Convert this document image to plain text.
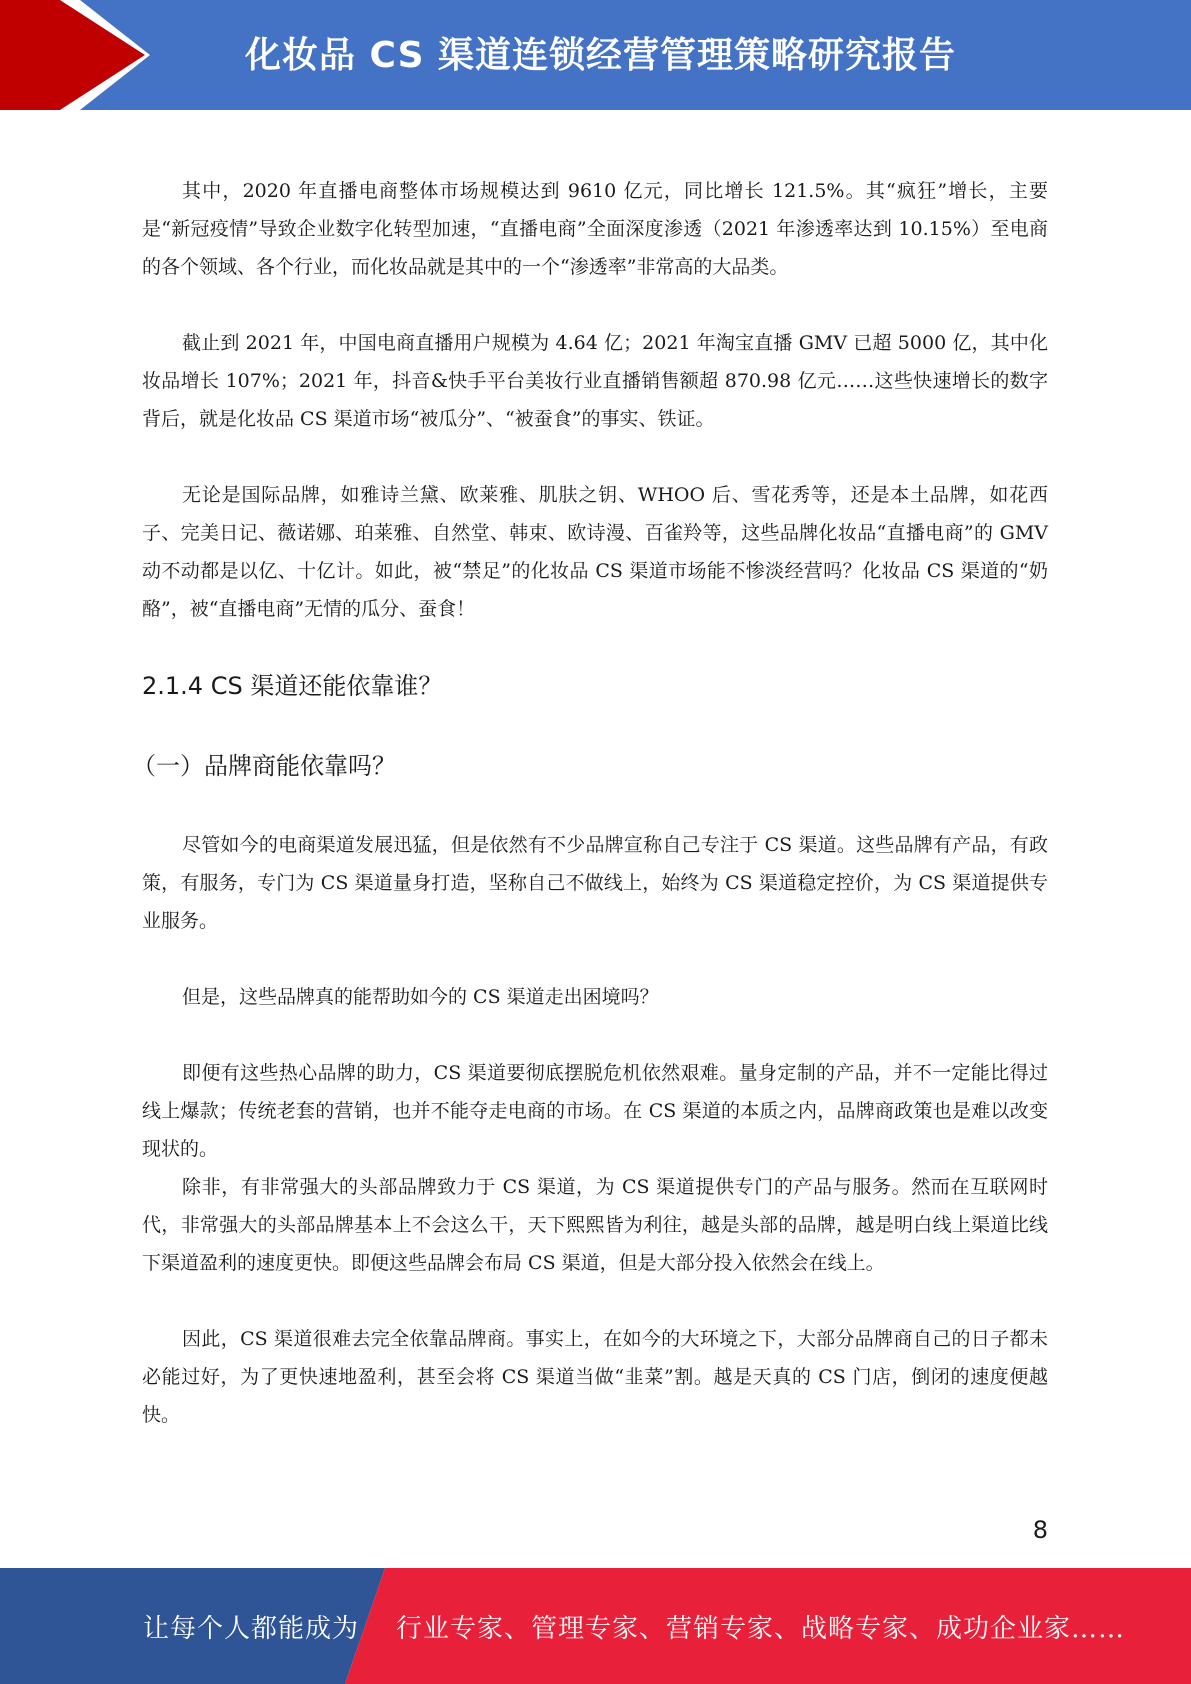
化妆品 CS 渠道连锁经营管理策略研究报告

其中，2020 年直播电商整体市场规模达到 9610 亿元，同比增长 121.5%。其“疯狂”增长，主要是“新冠疫情”导致企业数字化转型加速，“直播电商”全面深度渗透（2021 年渗透率达到 10.15%）至电商的各个领域、各个行业，而化妆品就是其中的一个“渗透率”非常高的大品类。

截止到 2021 年，中国电商直播用户规模为 4.64 亿；2021 年淘宝直播 GMV 已超 5000 亿，其中化妆品增长 107%；2021 年，抖音&快手平台美妆行业直播销售额超 870.98 亿元……这些快速增长的数字背后，就是化妆品 CS 渠道市场“被瓜分”、“被蚕食”的事实、铁证。

无论是国际品牌，如雅诗兰黛、欧莱雅、肌肤之钥、WHOO 后、雪花秀等，还是本土品牌，如花西子、完美日记、薇诺娜、珀莱雅、自然堂、韩束、欧诗漫、百雀羚等，这些品牌化妆品“直播电商”的 GMV 动不动都是以亿、十亿计。如此，被“禁足”的化妆品 CS 渠道市场能不惨淡经营吗？化妆品 CS 渠道的“奶酪”，被“直播电商”无情的瓜分、蚕食！

2.1.4 CS 渠道还能依靠谁？
（一）品牌商能依靠吗？

尽管如今的电商渠道发展迅猛，但是依然有不少品牌宣称自己专注于 CS 渠道。这些品牌有产品，有政策，有服务，专门为 CS 渠道量身打造，坚称自己不做线上，始终为 CS 渠道稳定控价，为 CS 渠道提供专业服务。

但是，这些品牌真的能帮助如今的 CS 渠道走出困境吗？

即便有这些热心品牌的助力，CS 渠道要彻底摆脱危机依然艰难。量身定制的产品，并不一定能比得过线上爆款；传统老套的营销，也并不能夺走电商的市场。在 CS 渠道的本质之内，品牌商政策也是难以改变现状的。

除非，有非常强大的头部品牌致力于 CS 渠道，为 CS 渠道提供专门的产品与服务。然而在互联网时代，非常强大的头部品牌基本上不会这么干，天下熙熙皆为利往，越是头部的品牌，越是明白线上渠道比线下渠道盈利的速度更快。即便这些品牌会布局 CS 渠道，但是大部分投入依然会在线上。

因此，CS 渠道很难去完全依靠品牌商。事实上，在如今的大环境之下，大部分品牌商自己的日子都未必能过好，为了更快速地盈利，甚至会将 CS 渠道当做“韭菜”割。越是天真的 CS 门店，倒闭的速度便越快。

8
让每个人都能成为 行业专家、管理专家、营销专家、战略专家、成功企业家……
